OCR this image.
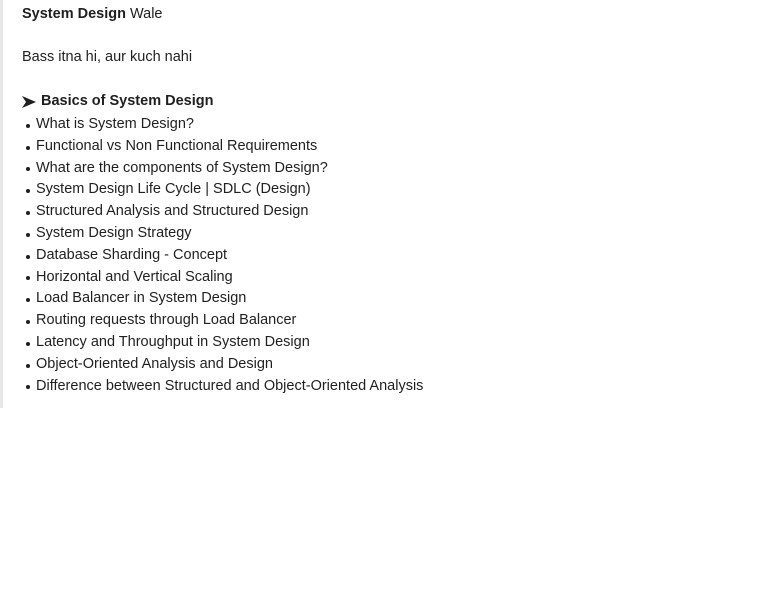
System Design Wale
Bass itna hi, aur kuch nahi
Basics of System Design
What is System Design?
Functional vs Non Functional Requirements
What are the components of System Design?
System Design Life Cycle | SDLC (Design)
Structured Analysis and Structured Design
System Design Strategy
Database Sharding - Concept
Horizontal and Vertical Scaling
Load Balancer in System Design
Routing requests through Load Balancer
Latency and Throughput in System Design
Object-Oriented Analysis and Design
Difference between Structured and Object-Oriented Analysis
